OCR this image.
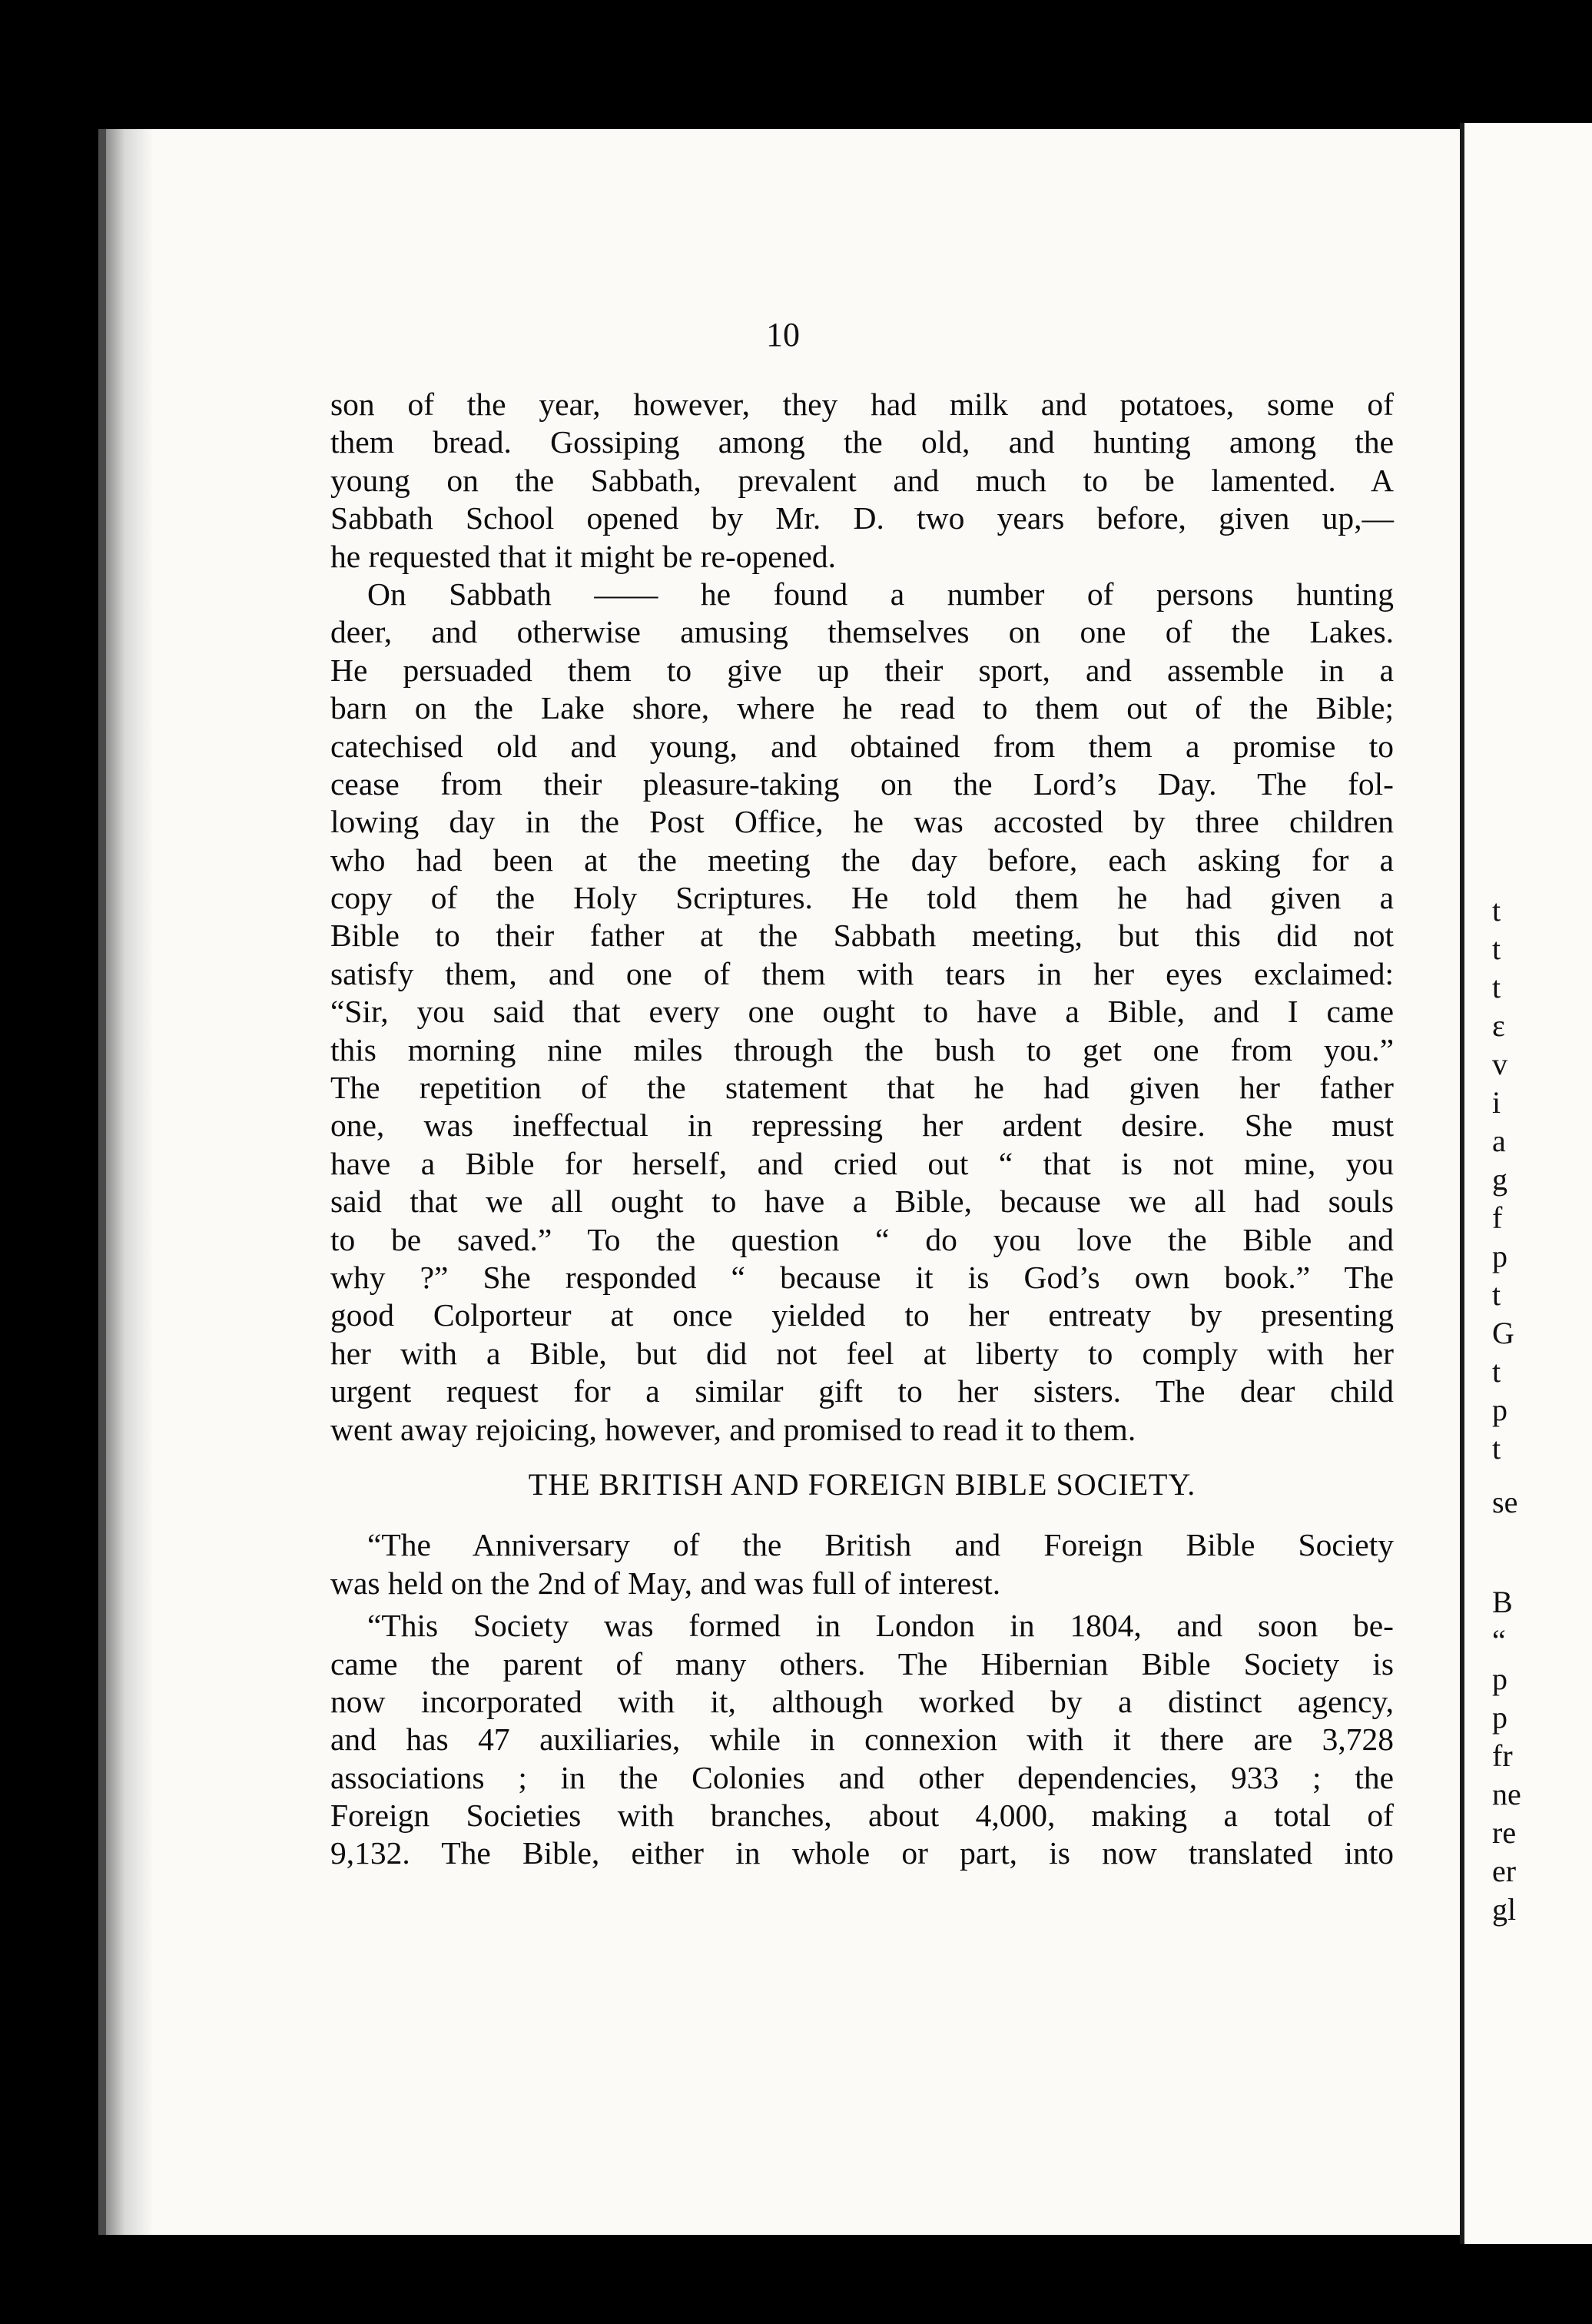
10
son of the year, however, they had milk and potatoes, some of
them bread. Gossiping among the old, and hunting among the
young on the Sabbath, prevalent and much to be lamented. A
Sabbath School opened by Mr. D. two years before, given up,—
he requested that it might be re-opened.
On Sabbath —— he found a number of persons hunting
deer, and otherwise amusing themselves on one of the Lakes.
He persuaded them to give up their sport, and assemble in a
barn on the Lake shore, where he read to them out of the Bible;
catechised old and young, and obtained from them a promise to
cease from their pleasure-taking on the Lord’s Day. The fol-
lowing day in the Post Office, he was accosted by three children
who had been at the meeting the day before, each asking for a
copy of the Holy Scriptures. He told them he had given a
Bible to their father at the Sabbath meeting, but this did not
satisfy them, and one of them with tears in her eyes exclaimed:
“Sir, you said that every one ought to have a Bible, and I came
this morning nine miles through the bush to get one from you.”
The repetition of the statement that he had given her father
one, was ineffectual in repressing her ardent desire. She must
have a Bible for herself, and cried out “ that is not mine, you
said that we all ought to have a Bible, because we all had souls
to be saved.” To the question “ do you love the Bible and
why ?” She responded “ because it is God’s own book.” The
good Colporteur at once yielded to her entreaty by presenting
her with a Bible, but did not feel at liberty to comply with her
urgent request for a similar gift to her sisters. The dear child
went away rejoicing, however, and promised to read it to them.
THE BRITISH AND FOREIGN BIBLE SOCIETY.
“The Anniversary of the British and Foreign Bible Society
was held on the 2nd of May, and was full of interest.
“This Society was formed in London in 1804, and soon be-
came the parent of many others. The Hibernian Bible Society is
now incorporated with it, although worked by a distinct agency,
and has 47 auxiliaries, while in connexion with it there are 3,728
associations ; in the Colonies and other dependencies, 933 ; the
Foreign Societies with branches, about 4,000, making a total of
9,132. The Bible, either in whole or part, is now translated into
t
t
t
ε
v
i
a
g
f
p
t
G
t
p
t
se
B
“
p
p
fr
ne
re
er
gl
